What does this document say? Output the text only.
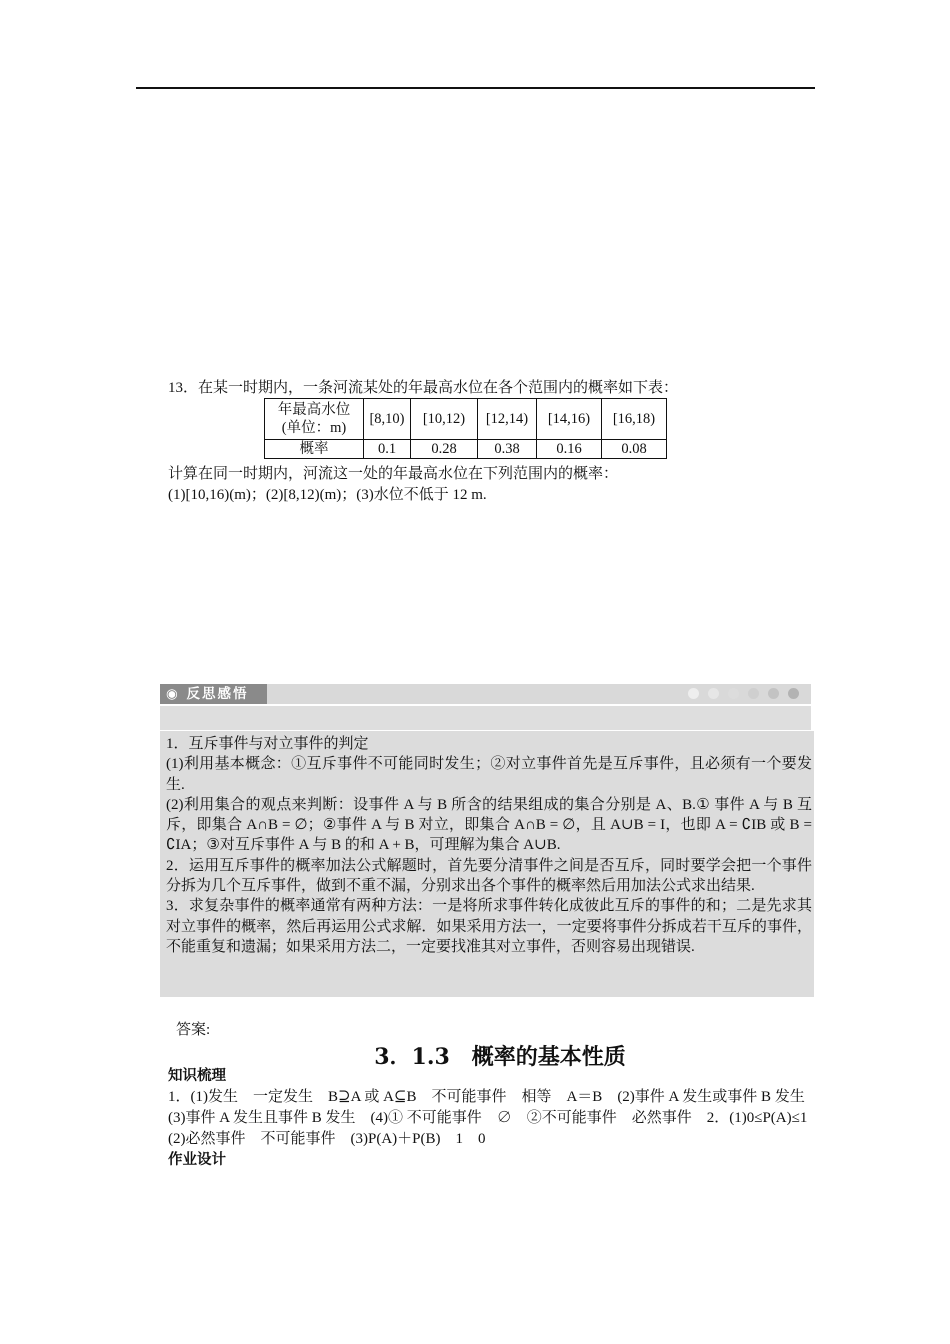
13．在某一时期内，一条河流某处的年最高水位在各个范围内的概率如下表：

年最高水位(单位：m)	[8,10)	[10,12)	[12,14)	[14,16)	[16,18)
概率	0.1	0.28	0.38	0.16	0.08

计算在同一时期内，河流这一处的年最高水位在下列范围内的概率：

(1)[10,16)(m)；(2)[8,12)(m)；(3)水位不低于 12 m.

◉ 反思感悟

1．互斥事件与对立事件的判定

(1)利用基本概念：①互斥事件不可能同时发生；②对立事件首先是互斥事件，且必须有一个要发生.

(2)利用集合的观点来判断：设事件 A 与 B 所含的结果组成的集合分别是 A、B.① 事件 A 与 B 互斥，即集合 A∩B = ∅；②事件 A 与 B 对立，即集合 A∩B = ∅，且 A∪B = I，也即 A = ∁IB 或 B = ∁IA；③对互斥事件 A 与 B 的和 A + B，可理解为集合 A∪B.

2．运用互斥事件的概率加法公式解题时，首先要分清事件之间是否互斥，同时要学会把一个事件分拆为几个互斥事件，做到不重不漏，分别求出各个事件的概率然后用加法公式求出结果.

3．求复杂事件的概率通常有两种方法：一是将所求事件转化成彼此互斥的事件的和；二是先求其对立事件的概率，然后再运用公式求解．如果采用方法一，一定要将事件分拆成若干互斥的事件，不能重复和遗漏；如果采用方法二，一定要找准其对立事件，否则容易出现错误.

答案:
3．1.3　概率的基本性质

知识梳理

1．(1)发生　一定发生　B⊇A 或 A⊆B　不可能事件　相等　A＝B　(2)事件 A 发生或事件 B 发生

(3)事件 A 发生且事件 B 发生　(4)① 不可能事件　∅　②不可能事件　必然事件　2．(1)0≤P(A)≤1

(2)必然事件　不可能事件　(3)P(A)＋P(B)　1　0

作业设计
